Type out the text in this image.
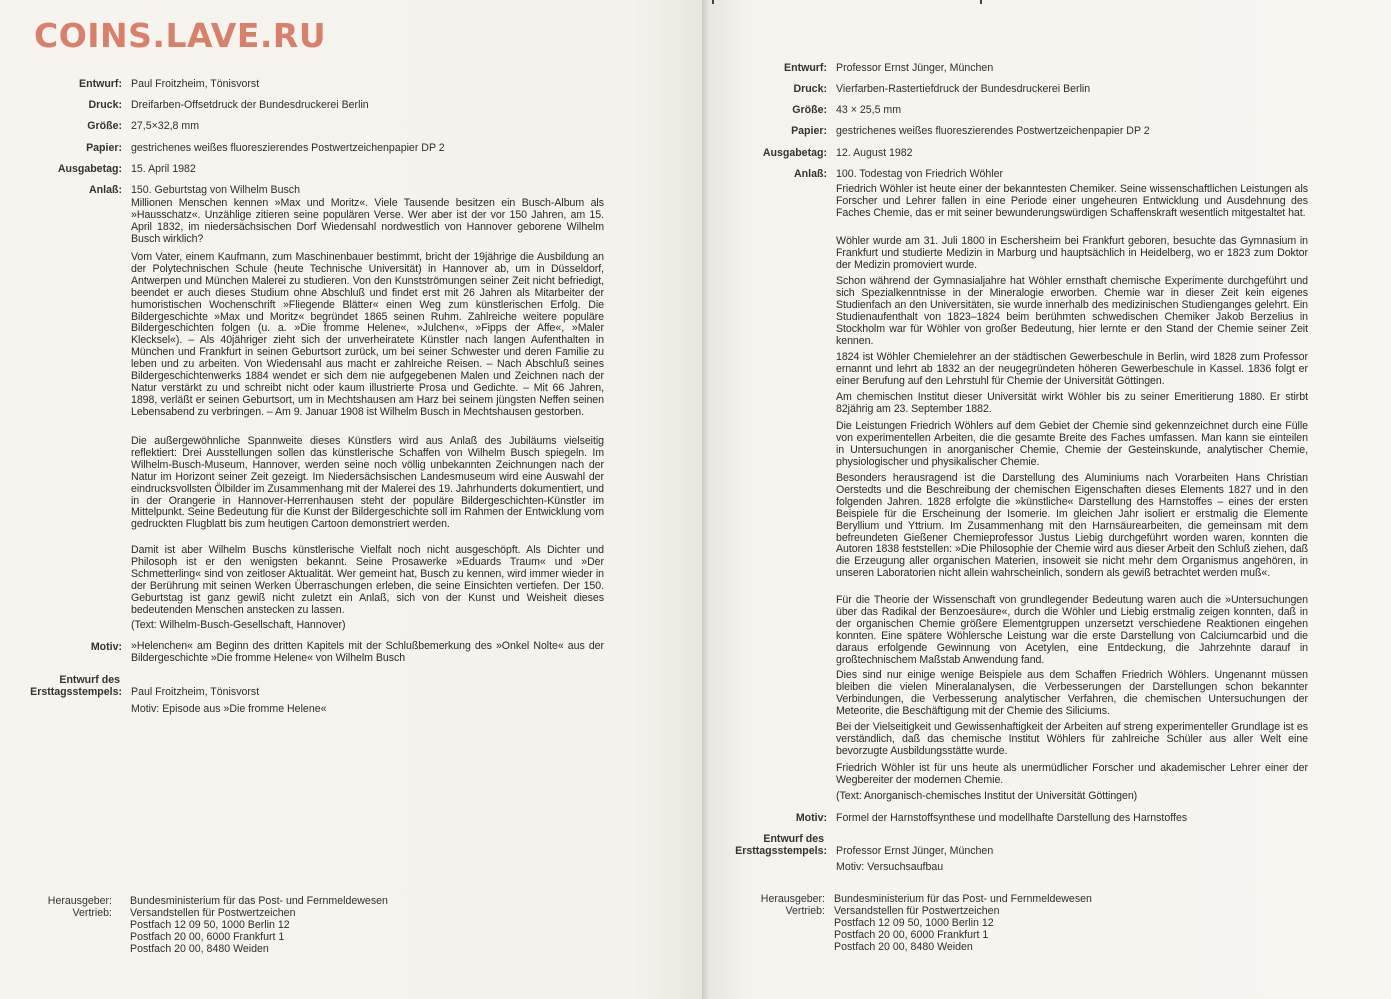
COINS.LAVE.RU
Entwurf: Paul Froitzheim, Tönisvorst
Druck: Dreifarben-Offsetdruck der Bundesdruckerei Berlin
Größe: 27,5×32,8 mm
Papier: gestrichenes weißes fluoreszierendes Postwertzeichenpapier DP 2
Ausgabetag: 15. April 1982
Anlaß: 150. Geburtstag von Wilhelm Busch
Millionen Menschen kennen »Max und Moritz«. Viele Tausende besitzen ein Busch-Album als »Hausschatz«. Unzählige zitieren seine populären Verse. Wer aber ist der vor 150 Jahren, am 15. April 1832, im niedersächsischen Dorf Wiedensahl nordwestlich von Hannover geborene Wilhelm Busch wirklich?
Vom Vater, einem Kaufmann, zum Maschinenbauer bestimmt, bricht der 19jährige die Ausbildung an der Polytechnischen Schule (heute Technische Universität) in Hannover ab, um in Düsseldorf, Antwerpen und München Malerei zu studieren. Von den Kunstströmungen seiner Zeit nicht befriedigt, beendet er auch dieses Studium ohne Abschluß und findet erst mit 26 Jahren als Mitarbeiter der humoristischen Wochenschrift »Fliegende Blätter« einen Weg zum künstlerischen Erfolg. Die Bildergeschichte »Max und Moritz« begründet 1865 seinen Ruhm. Zahlreiche weitere populäre Bildergeschichten folgen (u. a. »Die fromme Helene«, »Julchen«, »Fipps der Affe«, »Maler Klecksel«). – Als 40jähriger zieht sich der unverheiratete Künstler nach langen Aufenthalten in München und Frankfurt in seinen Geburtsort zurück, um bei seiner Schwester und deren Familie zu leben und zu arbeiten. Von Wiedensahl aus macht er zahlreiche Reisen. – Nach Abschluß seines Bildergeschichtenwerks 1884 wendet er sich dem nie aufgegebenen Malen und Zeichnen nach der Natur verstärkt zu und schreibt nicht oder kaum illustrierte Prosa und Gedichte. – Mit 66 Jahren, 1898, verläßt er seinen Geburtsort, um in Mechtshausen am Harz bei seinem jüngsten Neffen seinen Lebensabend zu verbringen. – Am 9. Januar 1908 ist Wilhelm Busch in Mechtshausen gestorben.
Die außergewöhnliche Spannweite dieses Künstlers wird aus Anlaß des Jubiläums vielseitig reflektiert: Drei Ausstellungen sollen das künstlerische Schaffen von Wilhelm Busch spiegeln. Im Wilhelm-Busch-Museum, Hannover, werden seine noch völlig unbekannten Zeichnungen nach der Natur im Horizont seiner Zeit gezeigt. Im Niedersächsischen Landesmuseum wird eine Auswahl der eindrucksvollsten Ölbilder im Zusammenhang mit der Malerei des 19. Jahrhunderts dokumentiert, und in der Orangerie in Hannover-Herrenhausen steht der populäre Bildergeschichten-Künstler im Mittelpunkt. Seine Bedeutung für die Kunst der Bildergeschichte soll im Rahmen der Entwicklung vom gedruckten Flugblatt bis zum heutigen Cartoon demonstriert werden.
Damit ist aber Wilhelm Buschs künstlerische Vielfalt noch nicht ausgeschöpft. Als Dichter und Philosoph ist er den wenigsten bekannt. Seine Prosawerke »Eduards Traum« und »Der Schmetterling« sind von zeitloser Aktualität. Wer gemeint hat, Busch zu kennen, wird immer wieder in der Berührung mit seinen Werken Überraschungen erleben, die seine Einsichten vertiefen. Der 150. Geburtstag ist ganz gewiß nicht zuletzt ein Anlaß, sich von der Kunst und Weisheit dieses bedeutenden Menschen anstecken zu lassen.
(Text: Wilhelm-Busch-Gesellschaft, Hannover)
Motiv: »Helenchen« am Beginn des dritten Kapitels mit der Schlußbemerkung des »Onkel Nolte« aus der Bildergeschichte »Die fromme Helene« von Wilhelm Busch
Entwurf des
Ersttagsstempels: Paul Froitzheim, Tönisvorst
Motiv: Episode aus »Die fromme Helene«
Herausgeber:
Vertrieb:
Bundesministerium für das Post- und Fernmeldewesen
Versandstellen für Postwertzeichen
Postfach 12 09 50, 1000 Berlin 12
Postfach 20 00, 6000 Frankfurt 1
Postfach 20 00, 8480 Weiden
Entwurf: Professor Ernst Jünger, München
Druck: Vierfarben-Rastertiefdruck der Bundesdruckerei Berlin
Größe: 43 × 25,5 mm
Papier: gestrichenes weißes fluoreszierendes Postwertzeichenpapier DP 2
Ausgabetag: 12. August 1982
Anlaß: 100. Todestag von Friedrich Wöhler
Friedrich Wöhler ist heute einer der bekanntesten Chemiker. Seine wissenschaftlichen Leistungen als Forscher und Lehrer fallen in eine Periode einer ungeheuren Entwicklung und Ausdehnung des Faches Chemie, das er mit seiner bewunderungswürdigen Schaffenskraft wesentlich mitgestaltet hat.
Wöhler wurde am 31. Juli 1800 in Eschersheim bei Frankfurt geboren, besuchte das Gymnasium in Frankfurt und studierte Medizin in Marburg und hauptsächlich in Heidelberg, wo er 1823 zum Doktor der Medizin promoviert wurde.
Schon während der Gymnasialjahre hat Wöhler ernsthaft chemische Experimente durchgeführt und sich Spezialkenntnisse in der Mineralogie erworben. Chemie war in dieser Zeit kein eigenes Studienfach an den Universitäten, sie wurde innerhalb des medizinischen Studienganges gelehrt. Ein Studienaufenthalt von 1823–1824 beim berühmten schwedischen Chemiker Jakob Berzelius in Stockholm war für Wöhler von großer Bedeutung, hier lernte er den Stand der Chemie seiner Zeit kennen.
1824 ist Wöhler Chemielehrer an der städtischen Gewerbeschule in Berlin, wird 1828 zum Professor ernannt und lehrt ab 1832 an der neugegründeten höheren Gewerbeschule in Kassel. 1836 folgt er einer Berufung auf den Lehrstuhl für Chemie der Universität Göttingen.
Am chemischen Institut dieser Universität wirkt Wöhler bis zu seiner Emeritierung 1880. Er stirbt 82jährig am 23. September 1882.
Die Leistungen Friedrich Wöhlers auf dem Gebiet der Chemie sind gekennzeichnet durch eine Fülle von experimentellen Arbeiten, die die gesamte Breite des Faches umfassen. Man kann sie einteilen in Untersuchungen in anorganischer Chemie, Chemie der Gesteinskunde, analytischer Chemie, physiologischer und physikalischer Chemie.
Besonders herausragend ist die Darstellung des Aluminiums nach Vorarbeiten Hans Christian Oerstedts und die Beschreibung der chemischen Eigenschaften dieses Elements 1827 und in den folgenden Jahren. 1828 erfolgte die »künstliche« Darstellung des Harnstoffes – eines der ersten Beispiele für die Erscheinung der Isomerie. Im gleichen Jahr isoliert er erstmalig die Elemente Beryllium und Yttrium. Im Zusammenhang mit den Harnsäurearbeiten, die gemeinsam mit dem befreundeten Gießener Chemieprofessor Justus Liebig durchgeführt worden waren, konnten die Autoren 1838 feststellen: »Die Philosophie der Chemie wird aus dieser Arbeit den Schluß ziehen, daß die Erzeugung aller organischen Materien, insoweit sie nicht mehr dem Organismus angehören, in unseren Laboratorien nicht allein wahrscheinlich, sondern als gewiß betrachtet werden muß«.
Für die Theorie der Wissenschaft von grundlegender Bedeutung waren auch die »Untersuchungen über das Radikal der Benzoesäure«, durch die Wöhler und Liebig erstmalig zeigen konnten, daß in der organischen Chemie größere Elementgruppen unzersetzt verschiedene Reaktionen eingehen konnten. Eine spätere Wöhlersche Leistung war die erste Darstellung von Calciumcarbid und die daraus erfolgende Gewinnung von Acetylen, eine Entdeckung, die Jahrzehnte darauf in großtechnischem Maßstab Anwendung fand.
Dies sind nur einige wenige Beispiele aus dem Schaffen Friedrich Wöhlers. Ungenannt müssen bleiben die vielen Mineralanalysen, die Verbesserungen der Darstellungen schon bekannter Verbindungen, die Verbesserung analytischer Verfahren, die chemischen Untersuchungen der Meteorite, die Beschäftigung mit der Chemie des Siliciums.
Bei der Vielseitigkeit und Gewissenhaftigkeit der Arbeiten auf streng experimenteller Grundlage ist es verständlich, daß das chemische Institut Wöhlers für zahlreiche Schüler aus aller Welt eine bevorzugte Ausbildungsstätte wurde.
Friedrich Wöhler ist für uns heute als unermüdlicher Forscher und akademischer Lehrer einer der Wegbereiter der modernen Chemie.
(Text: Anorganisch-chemisches Institut der Universität Göttingen)
Motiv: Formel der Harnstoffsynthese und modellhafte Darstellung des Harnstoffes
Entwurf des
Ersttagsstempels: Professor Ernst Jünger, München
Motiv: Versuchsaufbau
Herausgeber:
Vertrieb:
Bundesministerium für das Post- und Fernmeldewesen
Versandstellen für Postwertzeichen
Postfach 12 09 50, 1000 Berlin 12
Postfach 20 00, 6000 Frankfurt 1
Postfach 20 00, 8480 Weiden
